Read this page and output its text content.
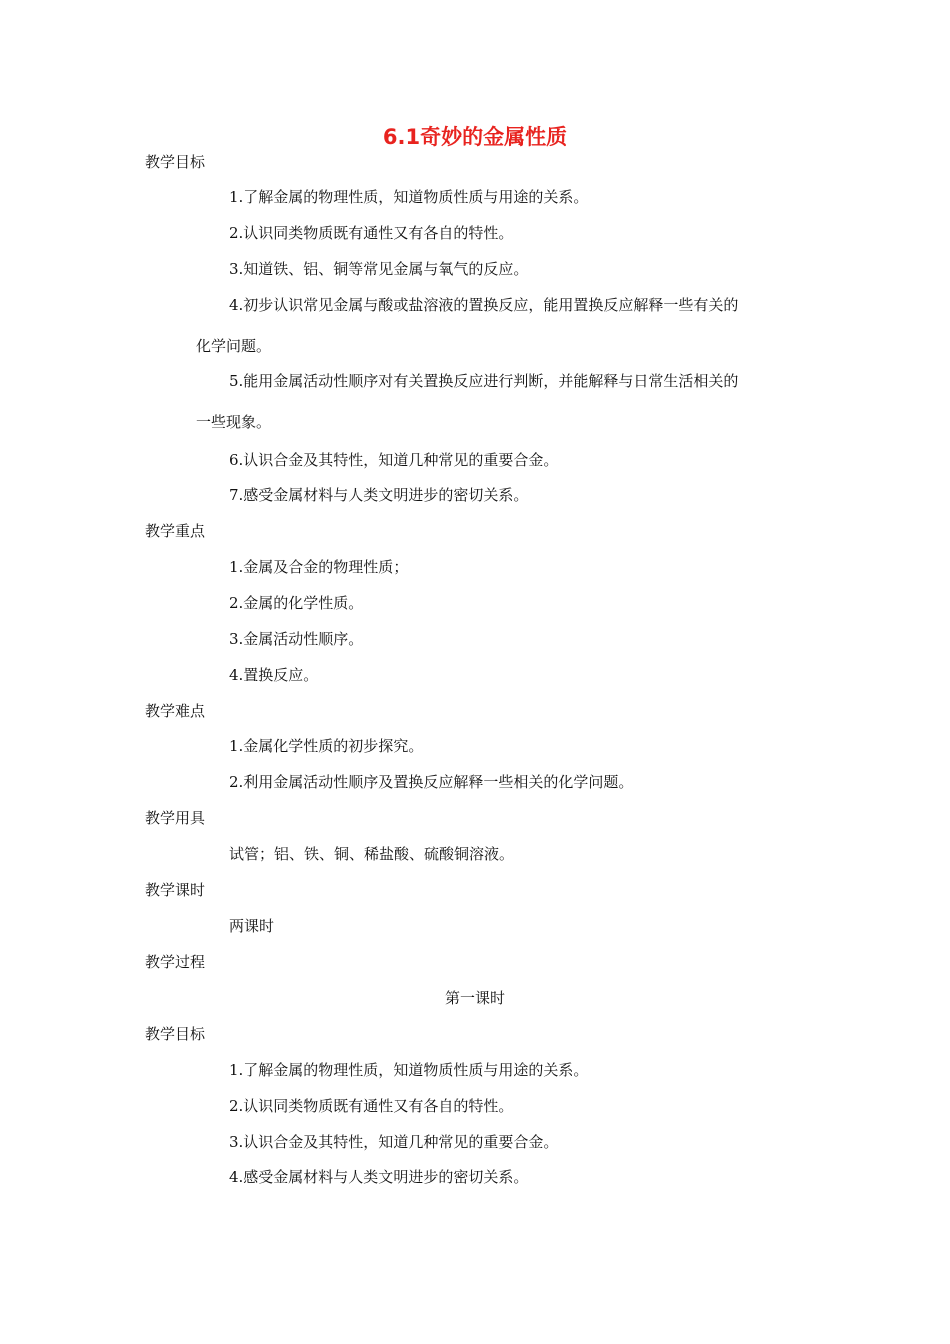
6.1奇妙的金属性质
教学目标
1.了解金属的物理性质，知道物质性质与用途的关系。
2.认识同类物质既有通性又有各自的特性。
3.知道铁、铝、铜等常见金属与氧气的反应。
4.初步认识常见金属与酸或盐溶液的置换反应，能用置换反应解释一些有关的
化学问题。
5.能用金属活动性顺序对有关置换反应进行判断，并能解释与日常生活相关的
一些现象。
6.认识合金及其特性，知道几种常见的重要合金。
7.感受金属材料与人类文明进步的密切关系。
教学重点
1.金属及合金的物理性质；
2.金属的化学性质。
3.金属活动性顺序。
4.置换反应。
教学难点
1.金属化学性质的初步探究。
2.利用金属活动性顺序及置换反应解释一些相关的化学问题。
教学用具
试管；铝、铁、铜、稀盐酸、硫酸铜溶液。
教学课时
两课时
教学过程
第一课时
教学目标
1.了解金属的物理性质，知道物质性质与用途的关系。
2.认识同类物质既有通性又有各自的特性。
3.认识合金及其特性，知道几种常见的重要合金。
4.感受金属材料与人类文明进步的密切关系。
